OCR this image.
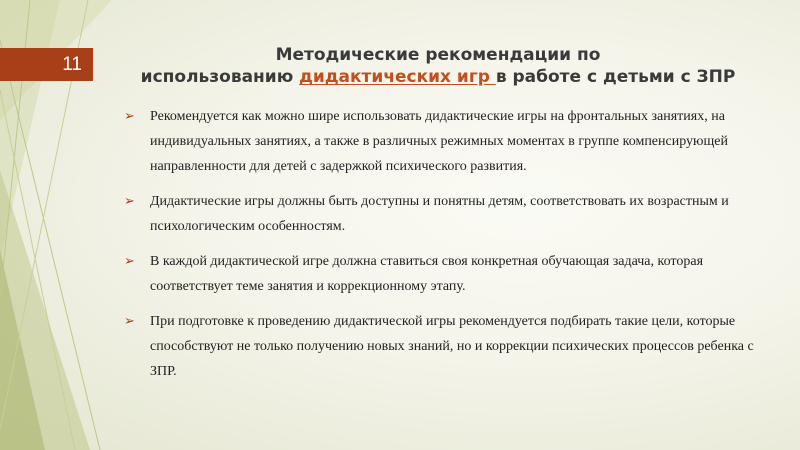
11	Методические рекомендации по
использованию дидактических игр в работе с детьми с ЗПР
➢ Рекомендуется как можно шире использовать дидактические игры на фронтальных занятиях, на индивидуальных занятиях, а также в различных режимных моментах в группе компенсирующей направленности для детей с задержкой психического развития.
➢ Дидактические игры должны быть доступны и понятны детям, соответствовать их возрастным и психологическим особенностям.
➢ В каждой дидактической игре должна ставиться своя конкретная обучающая задача, которая соответствует теме занятия и коррекционному этапу.
➢ При подготовке к проведению дидактической игры рекомендуется подбирать такие цели, которые способствуют не только получению новых знаний, но и коррекции психических процессов ребенка с ЗПР.
